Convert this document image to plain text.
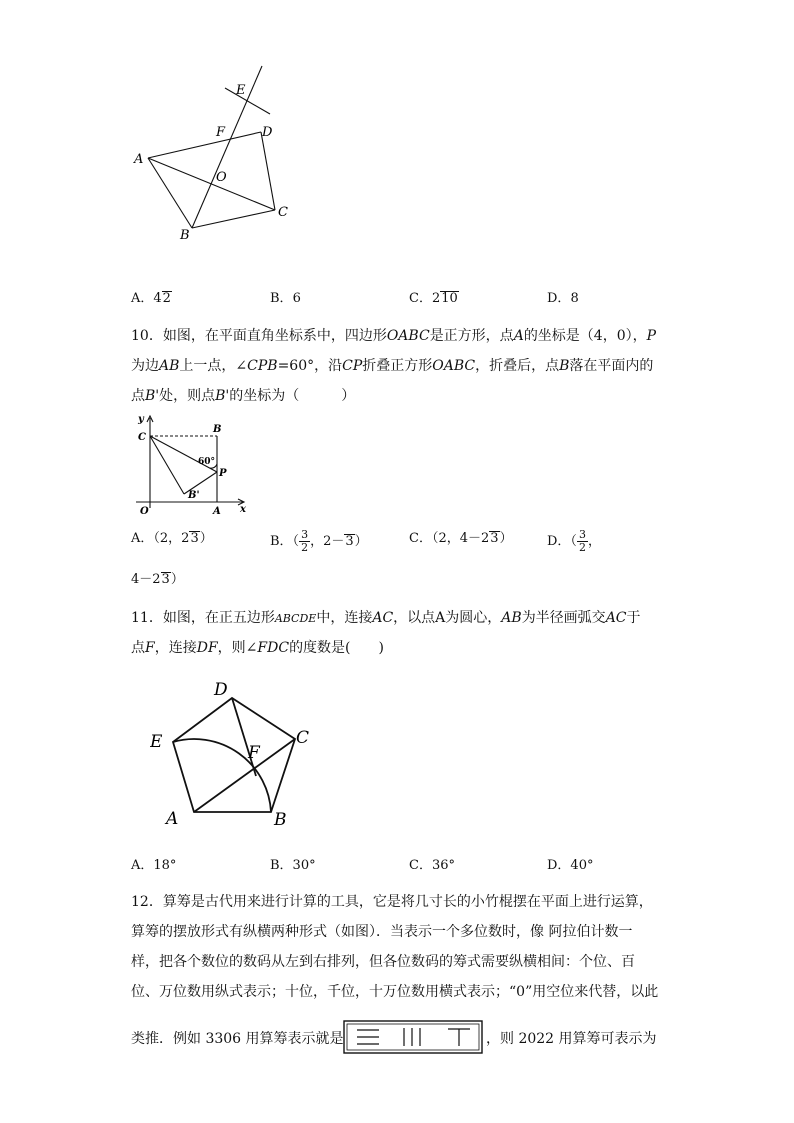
E
F	D
A
O
C
B
A．42	B．6	C．210	D．8
10．如图，在平面直角坐标系中，四边形OABC是正方形，点A的坐标是（4，0），P
为边AB上一点，∠CPB=60°，沿CP折叠正方形OABC，折叠后，点B落在平面内的
点B'处，则点B'的坐标为（　　　）
y
x
C
B
60°
P
B'
O	A
A．（2，23）	B．（ $\frac{3}{2}$ ，2－3）	C．（2，4－23）	D．（ $\frac{3}{2}$ ，
4－23）
11．如图，在正五边形ABCDE中，连接AC，以点A为圆心，AB为半径画弧交AC于
点F，连接DF，则∠FDC的度数是(　　)
D
E	C
F
A	B
A．18°	B．30°	C．36°	D．40°
12．算筹是古代用来进行计算的工具，它是将几寸长的小竹棍摆在平面上进行运算，
算筹的摆放形式有纵横两种形式（如图）．当表示一个多位数时，像 阿拉伯计数一
样，把各个数位的数码从左到右排列，但各位数码的筹式需要纵横相间：个位、百
位、万位数用纵式表示；十位，千位，十万位数用横式表示；“0”用空位来代替，以此
类推．例如 3306 用算筹表示就是	，则 2022 用算筹可表示为
